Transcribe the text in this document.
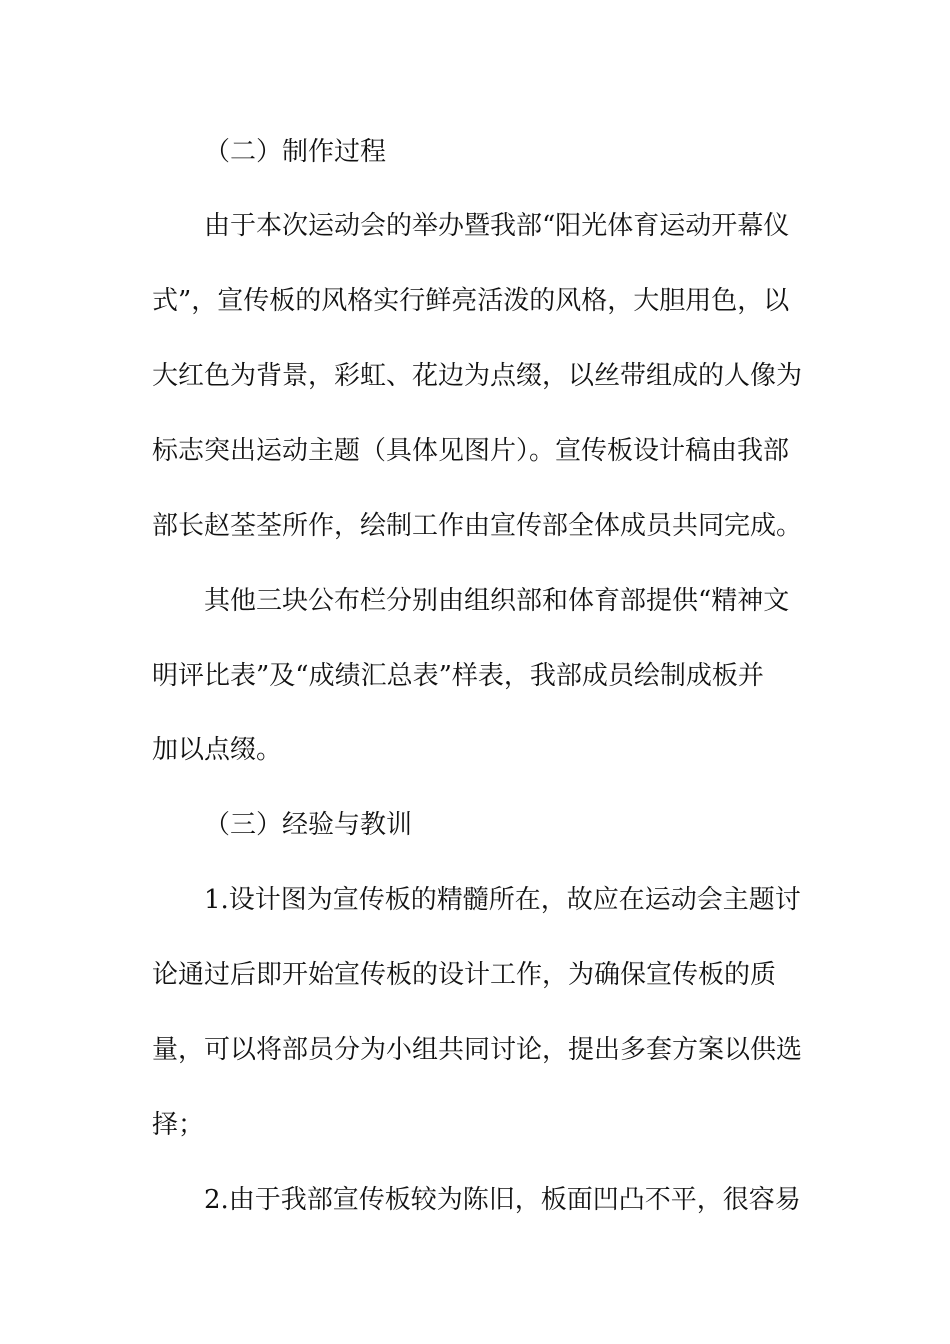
（二）制作过程
由于本次运动会的举办暨我部“阳光体育运动开幕仪
式”，宣传板的风格实行鲜亮活泼的风格，大胆用色，以
大红色为背景，彩虹、花边为点缀，以丝带组成的人像为
标志突出运动主题（具体见图片）。宣传板设计稿由我部
部长赵荃荃所作，绘制工作由宣传部全体成员共同完成。
其他三块公布栏分别由组织部和体育部提供“精神文
明评比表”及“成绩汇总表”样表，我部成员绘制成板并
加以点缀。
（三）经验与教训
1.设计图为宣传板的精髓所在，故应在运动会主题讨
论通过后即开始宣传板的设计工作，为确保宣传板的质
量，可以将部员分为小组共同讨论，提出多套方案以供选
择；
2.由于我部宣传板较为陈旧，板面凹凸不平，很容易
